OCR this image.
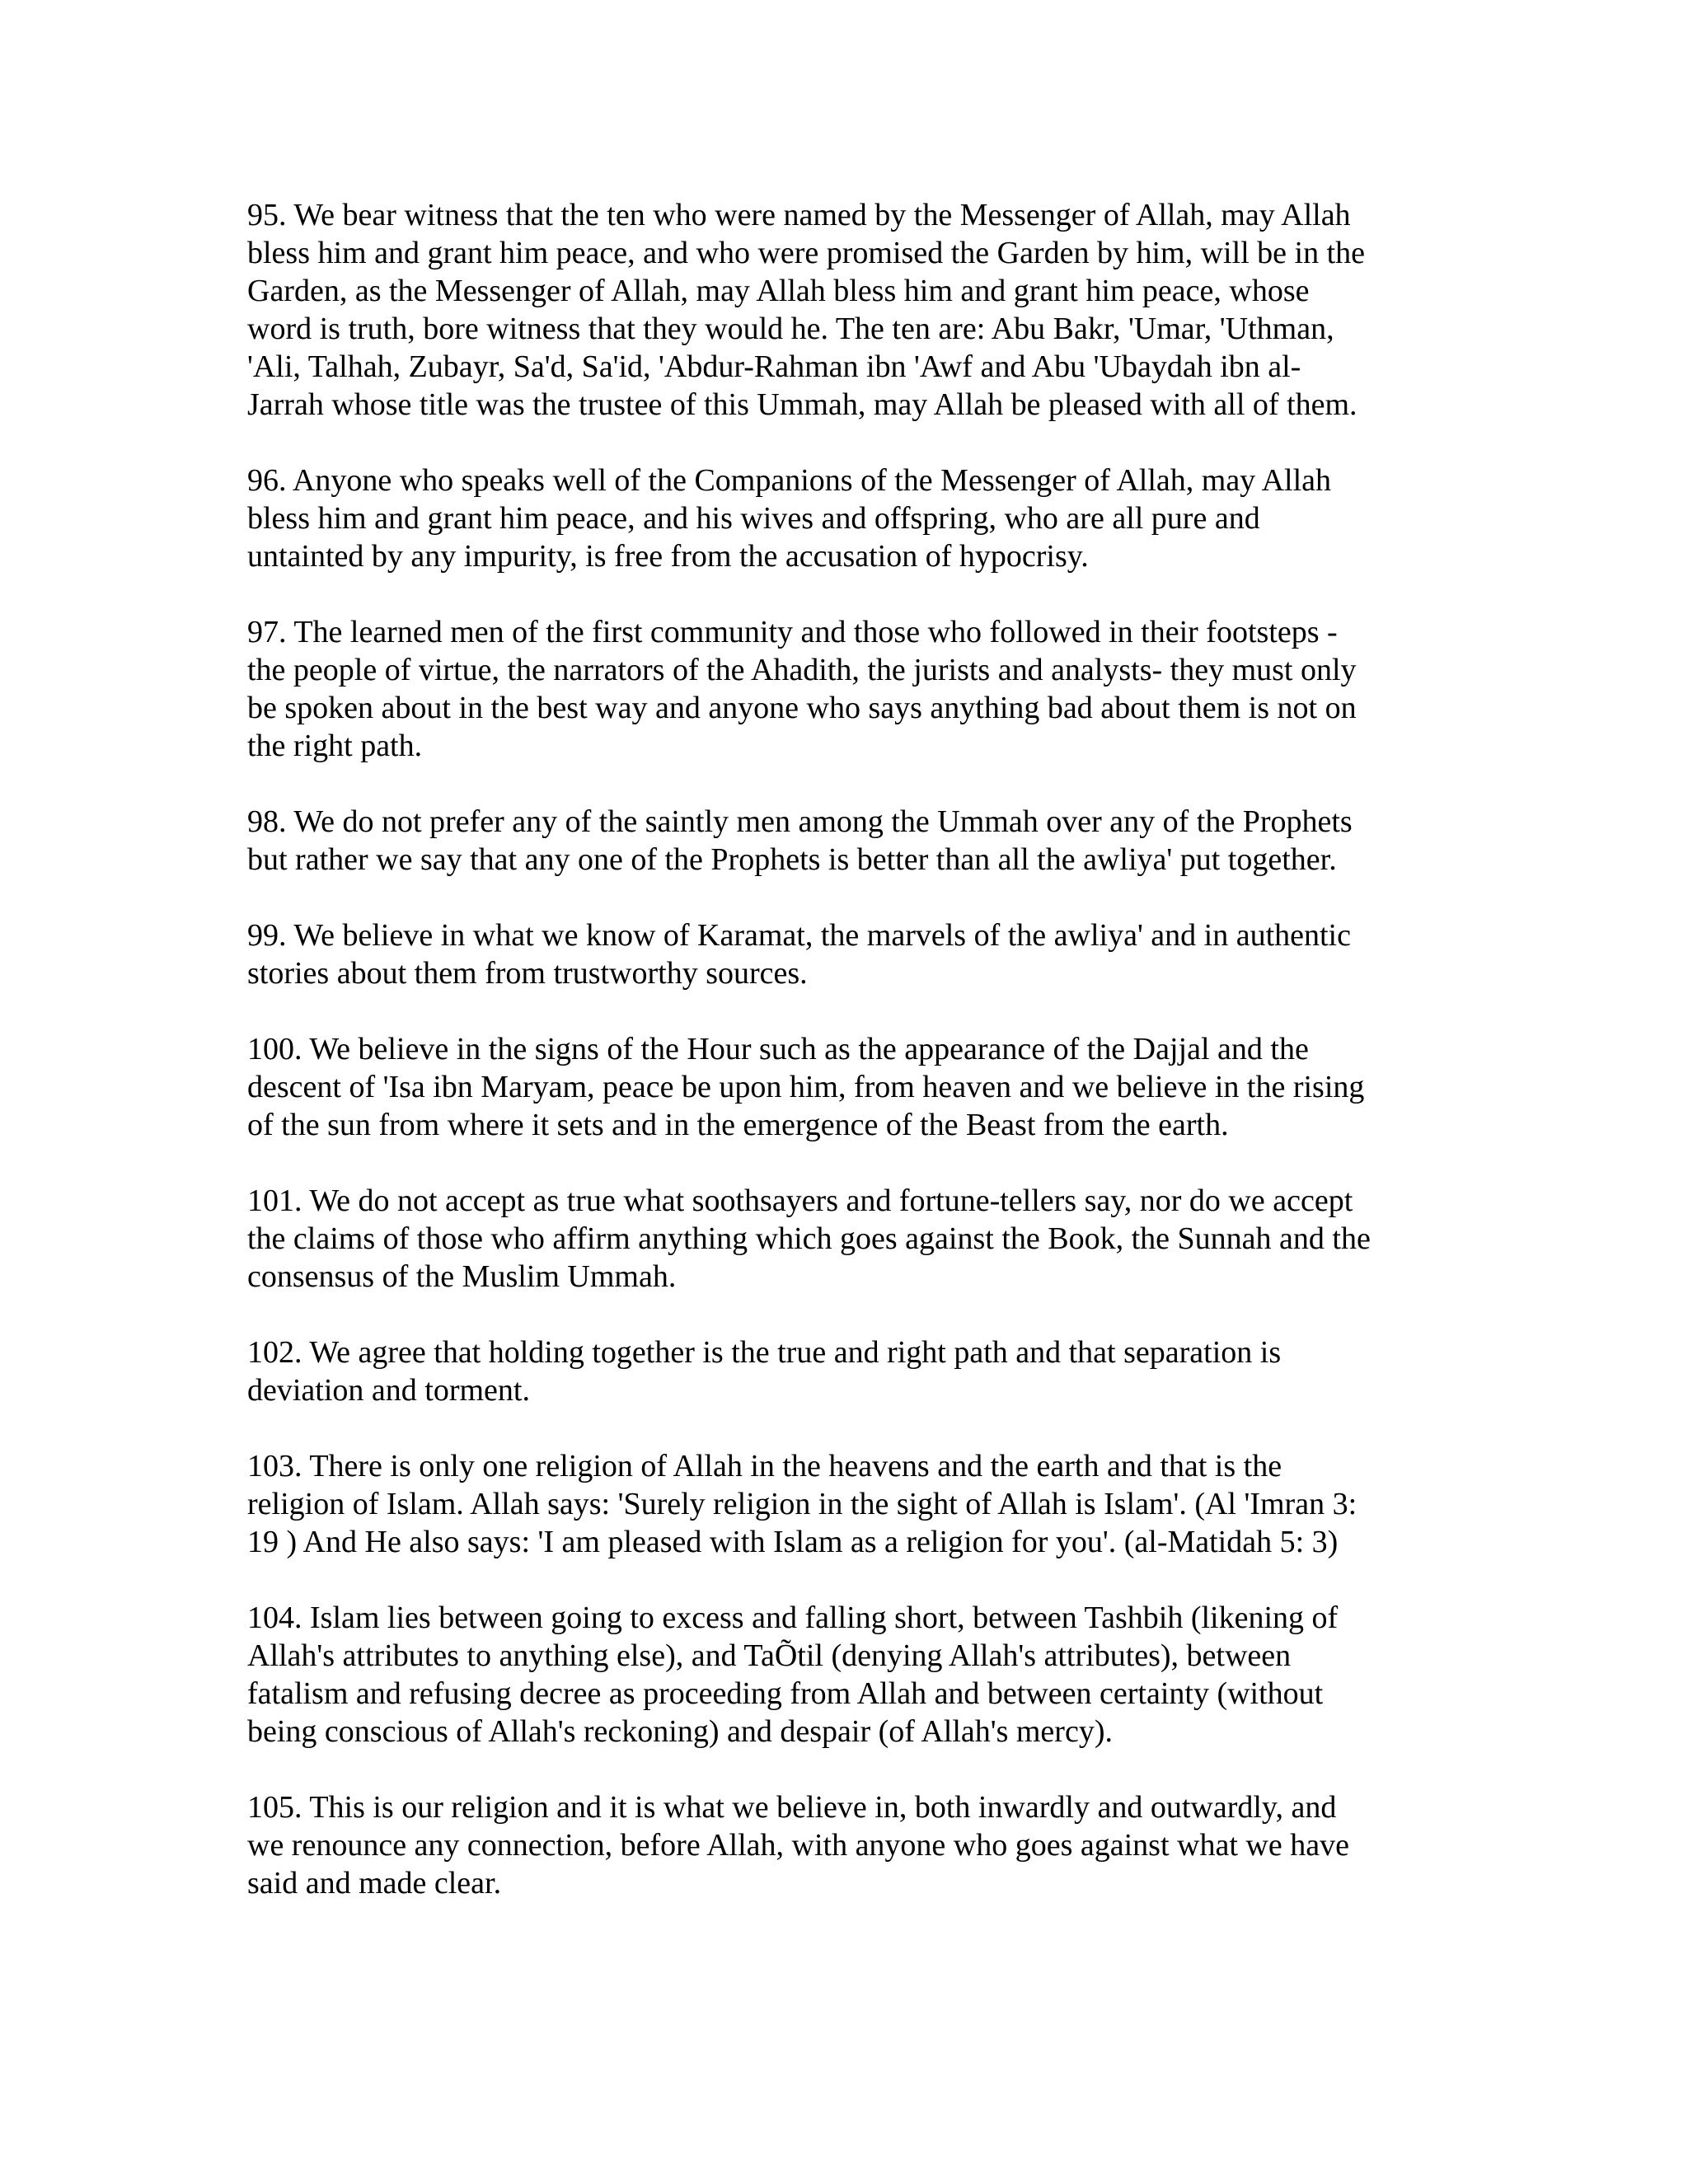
95. We bear witness that the ten who were named by the Messenger of Allah, may Allah
bless him and grant him peace, and who were promised the Garden by him, will be in the
Garden, as the Messenger of Allah, may Allah bless him and grant him peace, whose
word is truth, bore witness that they would he. The ten are: Abu Bakr, 'Umar, 'Uthman,
'Ali, Talhah, Zubayr, Sa'd, Sa'id, 'Abdur-Rahman ibn 'Awf and Abu 'Ubaydah ibn al-
Jarrah whose title was the trustee of this Ummah, may Allah be pleased with all of them.

96. Anyone who speaks well of the Companions of the Messenger of Allah, may Allah
bless him and grant him peace, and his wives and offspring, who are all pure and
untainted by any impurity, is free from the accusation of hypocrisy.

97. The learned men of the first community and those who followed in their footsteps -
the people of virtue, the narrators of the Ahadith, the jurists and analysts- they must only
be spoken about in the best way and anyone who says anything bad about them is not on
the right path.

98. We do not prefer any of the saintly men among the Ummah over any of the Prophets
but rather we say that any one of the Prophets is better than all the awliya' put together.

99. We believe in what we know of Karamat, the marvels of the awliya' and in authentic
stories about them from trustworthy sources.

100. We believe in the signs of the Hour such as the appearance of the Dajjal and the
descent of 'Isa ibn Maryam, peace be upon him, from heaven and we believe in the rising
of the sun from where it sets and in the emergence of the Beast from the earth.

101. We do not accept as true what soothsayers and fortune-tellers say, nor do we accept
the claims of those who affirm anything which goes against the Book, the Sunnah and the
consensus of the Muslim Ummah.

102. We agree that holding together is the true and right path and that separation is
deviation and torment.

103. There is only one religion of Allah in the heavens and the earth and that is the
religion of Islam. Allah says: 'Surely religion in the sight of Allah is Islam'. (Al 'Imran 3:
19 ) And He also says: 'I am pleased with Islam as a religion for you'. (al-Matidah 5: 3)

104. Islam lies between going to excess and falling short, between Tashbih (likening of
Allah's attributes to anything else), and TaÕtil (denying Allah's attributes), between
fatalism and refusing decree as proceeding from Allah and between certainty (without
being conscious of Allah's reckoning) and despair (of Allah's mercy).

105. This is our religion and it is what we believe in, both inwardly and outwardly, and
we renounce any connection, before Allah, with anyone who goes against what we have
said and made clear.
